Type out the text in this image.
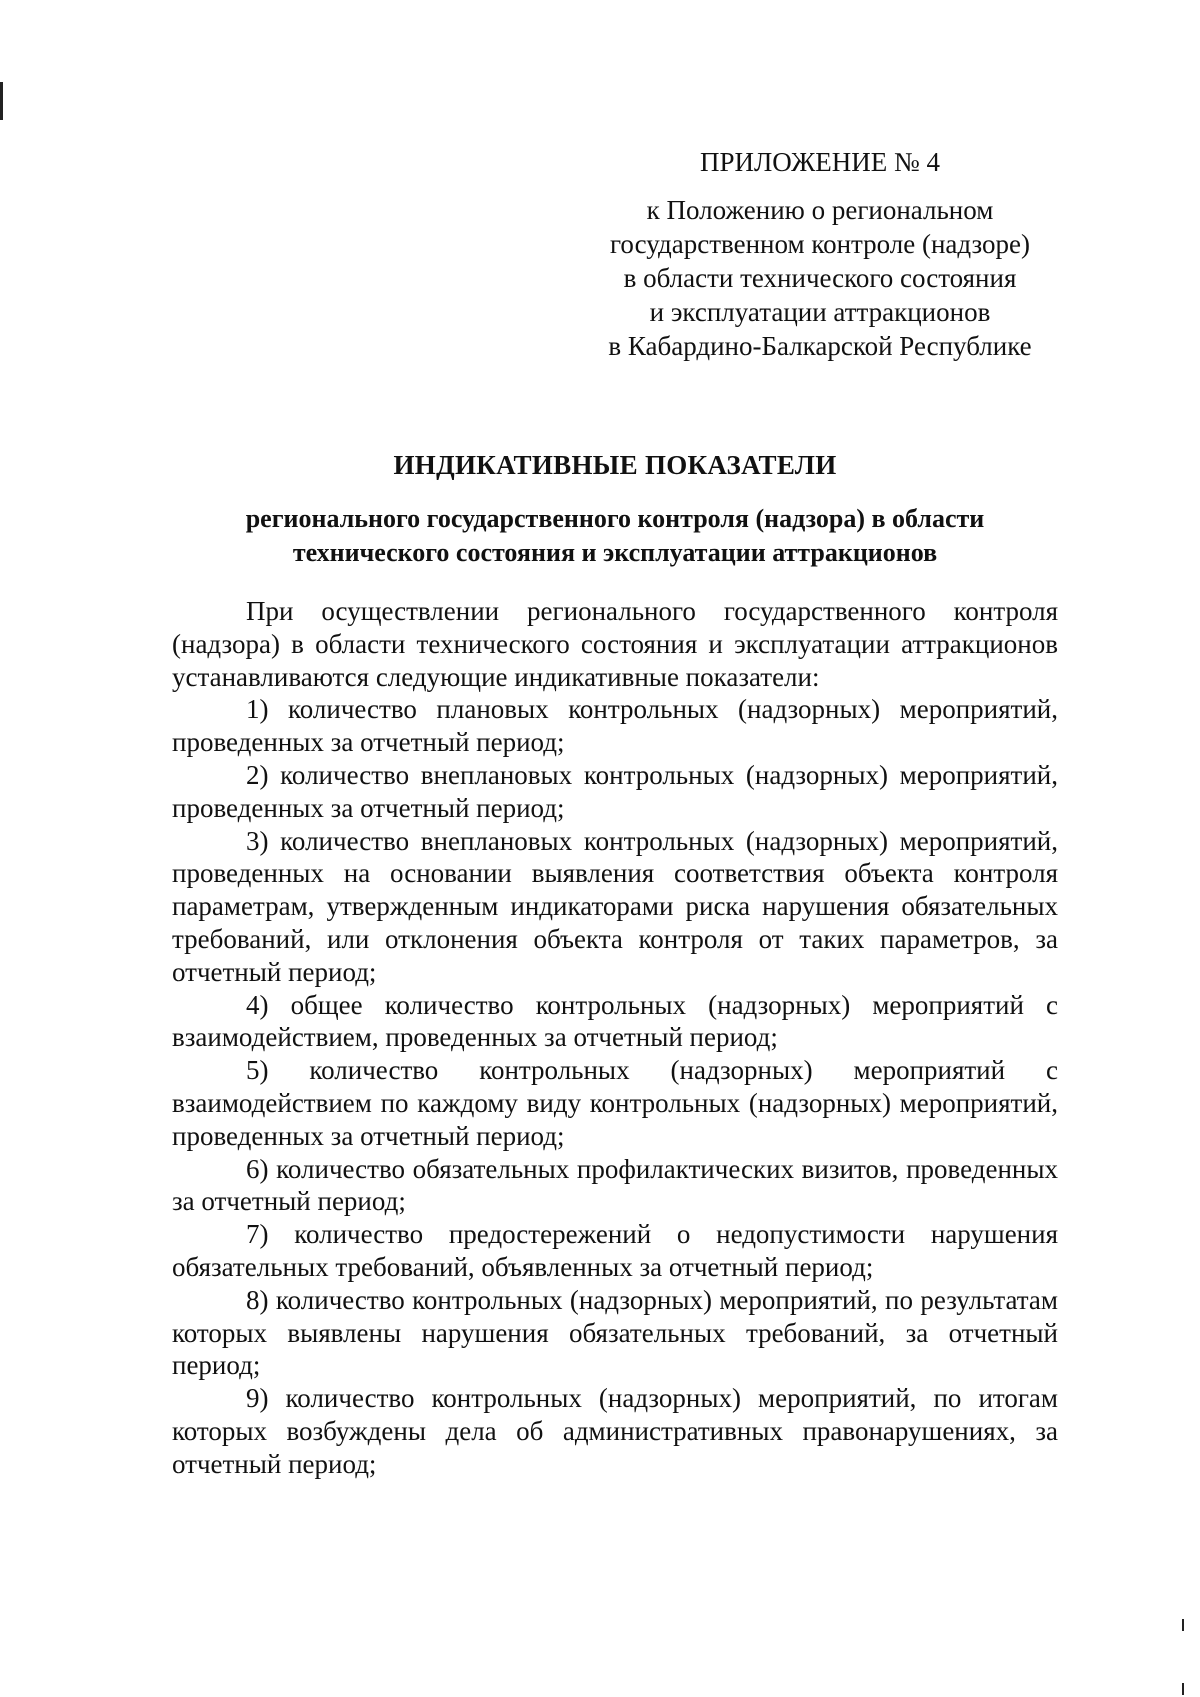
ПРИЛОЖЕНИЕ № 4
к Положению о региональном
государственном контроле (надзоре)
в области технического состояния
и эксплуатации аттракционов
в Кабардино-Балкарской Республике
ИНДИКАТИВНЫЕ ПОКАЗАТЕЛИ
регионального государственного контроля (надзора) в области
технического состояния и эксплуатации аттракционов

При осуществлении регионального государственного контроля (надзора) в области технического состояния и эксплуатации аттракционов устанавливаются следующие индикативные показатели:

1) количество плановых контрольных (надзорных) мероприятий, проведенных за отчетный период;

2) количество внеплановых контрольных (надзорных) мероприятий, проведенных за отчетный период;

3) количество внеплановых контрольных (надзорных) мероприятий, проведенных на основании выявления соответствия объекта контроля параметрам, утвержденным индикаторами риска нарушения обязательных требований, или отклонения объекта контроля от таких параметров, за отчетный период;

4) общее количество контрольных (надзорных) мероприятий с взаимодействием, проведенных за отчетный период;

5) количество контрольных (надзорных) мероприятий с взаимодействием по каждому виду контрольных (надзорных) мероприятий, проведенных за отчетный период;

6) количество обязательных профилактических визитов, проведенных за отчетный период;

7) количество предостережений о недопустимости нарушения обязательных требований, объявленных за отчетный период;

8) количество контрольных (надзорных) мероприятий, по результатам которых выявлены нарушения обязательных требований, за отчетный период;

9) количество контрольных (надзорных) мероприятий, по итогам которых возбуждены дела об административных правонарушениях, за отчетный период;
